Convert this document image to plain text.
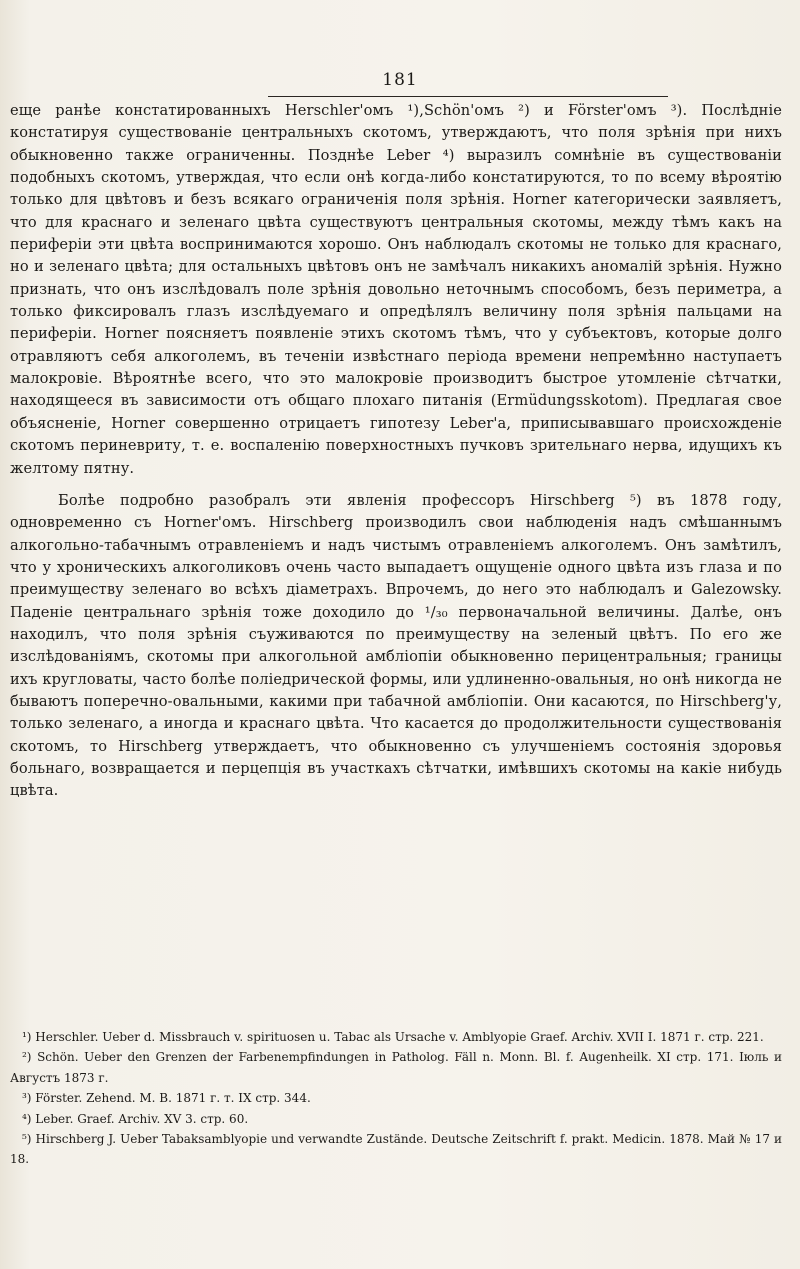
181

еще ранѣе констатированныхъ Herschler'омъ ¹),Schön'омъ ²) и Förster'омъ ³). Послѣдніе констатируя существованіе центральныхъ скотомъ, утверждаютъ, что поля зрѣнія при нихъ обыкновенно также ограниченны. Позднѣе Leber ⁴) выразилъ сомнѣніе въ существованіи подобныхъ скотомъ, утверждая, что если онѣ когда-либо констатируются, то по всему вѣроятію только для цвѣтовъ и безъ всякаго ограниченія поля зрѣнія. Horner категорически заявляетъ, что для краснаго и зеленаго цвѣта существуютъ центральныя скотомы, между тѣмъ какъ на периферіи эти цвѣта воспринимаются хорошо. Онъ наблюдалъ скотомы не только для краснаго, но и зеленаго цвѣта; для остальныхъ цвѣтовъ онъ не замѣчалъ никакихъ аномалій зрѣнія. Нужно признать, что онъ изслѣдовалъ поле зрѣнія довольно неточнымъ способомъ, безъ периметра, а только фиксировалъ глазъ изслѣдуемаго и опредѣлялъ величину поля зрѣнія пальцами на периферіи. Horner поясняетъ появленіе этихъ скотомъ тѣмъ, что у субъектовъ, которые долго отравляютъ себя алкоголемъ, въ теченіи извѣстнаго періода времени непремѣнно наступаетъ малокровіе. Вѣроятнѣе всего, что это малокровіе производитъ быстрое утомленіе сѣтчатки, находящееся въ зависимости отъ общаго плохаго питанія (Ermüdungsskotom). Предлагая свое объясненіе, Horner совершенно отрицаетъ гипотезу Leber'а, приписывавшаго происхожденіе скотомъ периневриту, т. е. воспаленію поверхностныхъ пучковъ зрительнаго нерва, идущихъ къ желтому пятну.

Болѣе подробно разобралъ эти явленія профессоръ Hirschberg ⁵) въ 1878 году, одновременно съ Horner'омъ. Hirschberg производилъ свои наблюденія надъ смѣшаннымъ алкогольно-табачнымъ отравленіемъ и надъ чистымъ отравленіемъ алкоголемъ. Онъ замѣтилъ, что у хроническихъ алкоголиковъ очень часто выпадаетъ ощущеніе одного цвѣта изъ глаза и по преимуществу зеленаго во всѣхъ діаметрахъ. Впрочемъ, до него это наблюдалъ и Galezowsky. Паденіе центральнаго зрѣнія тоже доходило до ¹/₃₀ первоначальной величины. Далѣе, онъ находилъ, что поля зрѣнія съуживаются по преимуществу на зеленый цвѣтъ. По его же изслѣдованіямъ, скотомы при алкогольной амбліопіи обыкновенно перицентральныя; границы ихъ кругловаты, часто болѣе поліедрической формы, или удлиненно-овальныя, но онѣ никогда не бываютъ поперечно-овальными, какими при табачной амбліопіи. Они касаются, по Hirschberg'у, только зеленаго, а иногда и краснаго цвѣта. Что касается до продолжительности существованія скотомъ, то Hirschberg утверждаетъ, что обыкновенно съ улучшеніемъ состоянія здоровья больнаго, возвращается и перцепція въ участкахъ сѣтчатки, имѣвшихъ скотомы на какіе нибудь цвѣта.

¹) Herschler. Ueber d. Missbrauch v. spirituosen u. Tabac als Ursache v. Amblyopie Graef. Archiv. XVII I. 1871 г. стр. 221.

²) Schön. Ueber den Grenzen der Farbenempfindungen in Patholog. Fäll n. Monn. Bl. f. Augenheilk. XI стр. 171. Іюль и Августъ 1873 г.

³) Förster. Zehend. M. B. 1871 г. т. IX стр. 344.

⁴) Leber. Graef. Archiv. XV 3. стр. 60.

⁵) Hirschberg J. Ueber Tabaksamblyopie und verwandte Zustände. Deutsche Zeitschrift f. prakt. Medicin. 1878. Май № 17 и 18.
